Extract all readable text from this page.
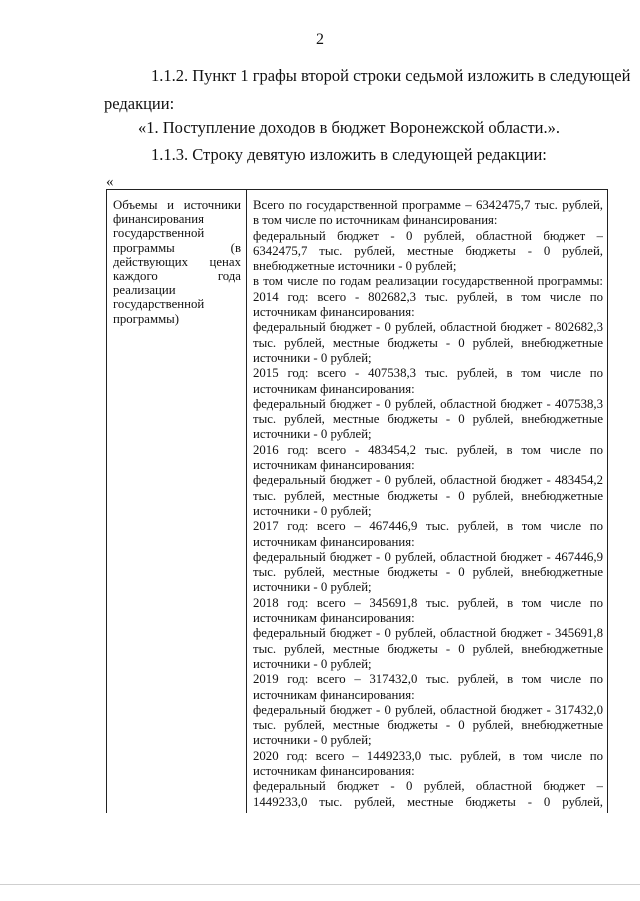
2
1.1.2. Пункт 1 графы второй строки седьмой изложить в следующей
редакции:
«1. Поступление доходов в бюджет Воронежской области.».
1.1.3. Строку девятую изложить в следующей редакции:
«
Объемы и источники
финансирования
государственной
программы (в
действующих ценах
каждого года
реализации
государственной
программы)
Всего по государственной программе – 6342475,7 тыс. рублей,
в том числе по источникам финансирования:
федеральный бюджет - 0 рублей, областной бюджет –
6342475,7 тыс. рублей, местные бюджеты - 0 рублей,
внебюджетные источники - 0 рублей;
в том числе по годам реализации государственной программы:
2014 год: всего - 802682,3 тыс. рублей, в том числе по
источникам финансирования:
федеральный бюджет - 0 рублей, областной бюджет - 802682,3
тыс. рублей, местные бюджеты - 0 рублей, внебюджетные
источники - 0 рублей;
2015 год: всего - 407538,3 тыс. рублей, в том числе по
источникам финансирования:
федеральный бюджет - 0 рублей, областной бюджет - 407538,3
тыс. рублей, местные бюджеты - 0 рублей, внебюджетные
источники - 0 рублей;
2016 год: всего - 483454,2 тыс. рублей, в том числе по
источникам финансирования:
федеральный бюджет - 0 рублей, областной бюджет - 483454,2
тыс. рублей, местные бюджеты - 0 рублей, внебюджетные
источники - 0 рублей;
2017 год: всего – 467446,9 тыс. рублей, в том числе по
источникам финансирования:
федеральный бюджет - 0 рублей, областной бюджет - 467446,9
тыс. рублей, местные бюджеты - 0 рублей, внебюджетные
источники - 0 рублей;
2018 год: всего – 345691,8 тыс. рублей, в том числе по
источникам финансирования:
федеральный бюджет - 0 рублей, областной бюджет - 345691,8
тыс. рублей, местные бюджеты - 0 рублей, внебюджетные
источники - 0 рублей;
2019 год: всего – 317432,0 тыс. рублей, в том числе по
источникам финансирования:
федеральный бюджет - 0 рублей, областной бюджет - 317432,0
тыс. рублей, местные бюджеты - 0 рублей, внебюджетные
источники - 0 рублей;
2020 год: всего – 1449233,0 тыс. рублей, в том числе по
источникам финансирования:
федеральный бюджет - 0 рублей, областной бюджет –
1449233,0 тыс. рублей, местные бюджеты - 0 рублей,
